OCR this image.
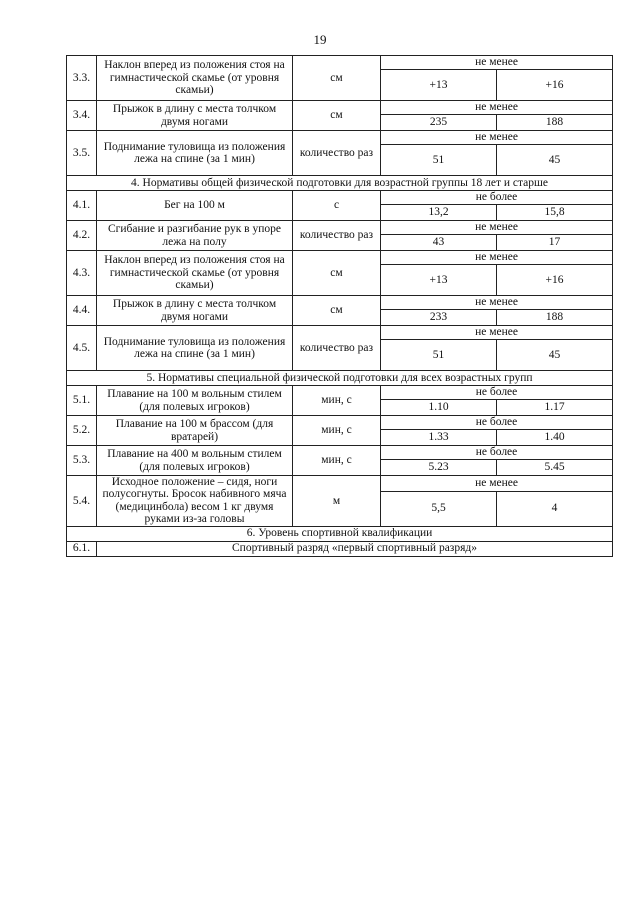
19
3.3.	Наклон вперед из положения стоя на гимнастической скамье (от уровня скамьи)	см	не менее	
			+13	+16
3.4.	Прыжок в длину с места толчком двумя ногами	см	не менее	
			235	188
3.5.	Поднимание туловища из положения лежа на спине (за 1 мин)	количество раз	не менее	
			51	45
4. Нормативы общей физической подготовки для возрастной группы 18 лет и старше				
4.1.	Бег на 100 м	с	не более	
			13,2	15,8
4.2.	Сгибание и разгибание рук в упоре лежа на полу	количество раз	не менее	
			43	17
4.3.	Наклон вперед из положения стоя на гимнастической скамье (от уровня скамьи)	см	не менее	
			+13	+16
4.4.	Прыжок в длину с места толчком двумя ногами	см	не менее	
			233	188
4.5.	Поднимание туловища из положения лежа на спине (за 1 мин)	количество раз	не менее	
			51	45
5. Нормативы специальной физической подготовки для всех возрастных групп				
5.1.	Плавание на 100 м вольным стилем (для полевых игроков)	мин, с	не более	
			1.10	1.17
5.2.	Плавание на 100 м брассом (для вратарей)	мин, с	не более	
			1.33	1.40
5.3.	Плавание на 400 м вольным стилем (для полевых игроков)	мин, с	не более	
			5.23	5.45
5.4.	Исходное положение – сидя, ноги полусогнуты. Бросок набивного мяча (медицинбола) весом 1 кг двумя руками из-за головы	м	не менее	
			5,5	4
6. Уровень спортивной квалификации				
6.1.	Спортивный разряд «первый спортивный разряд»			
